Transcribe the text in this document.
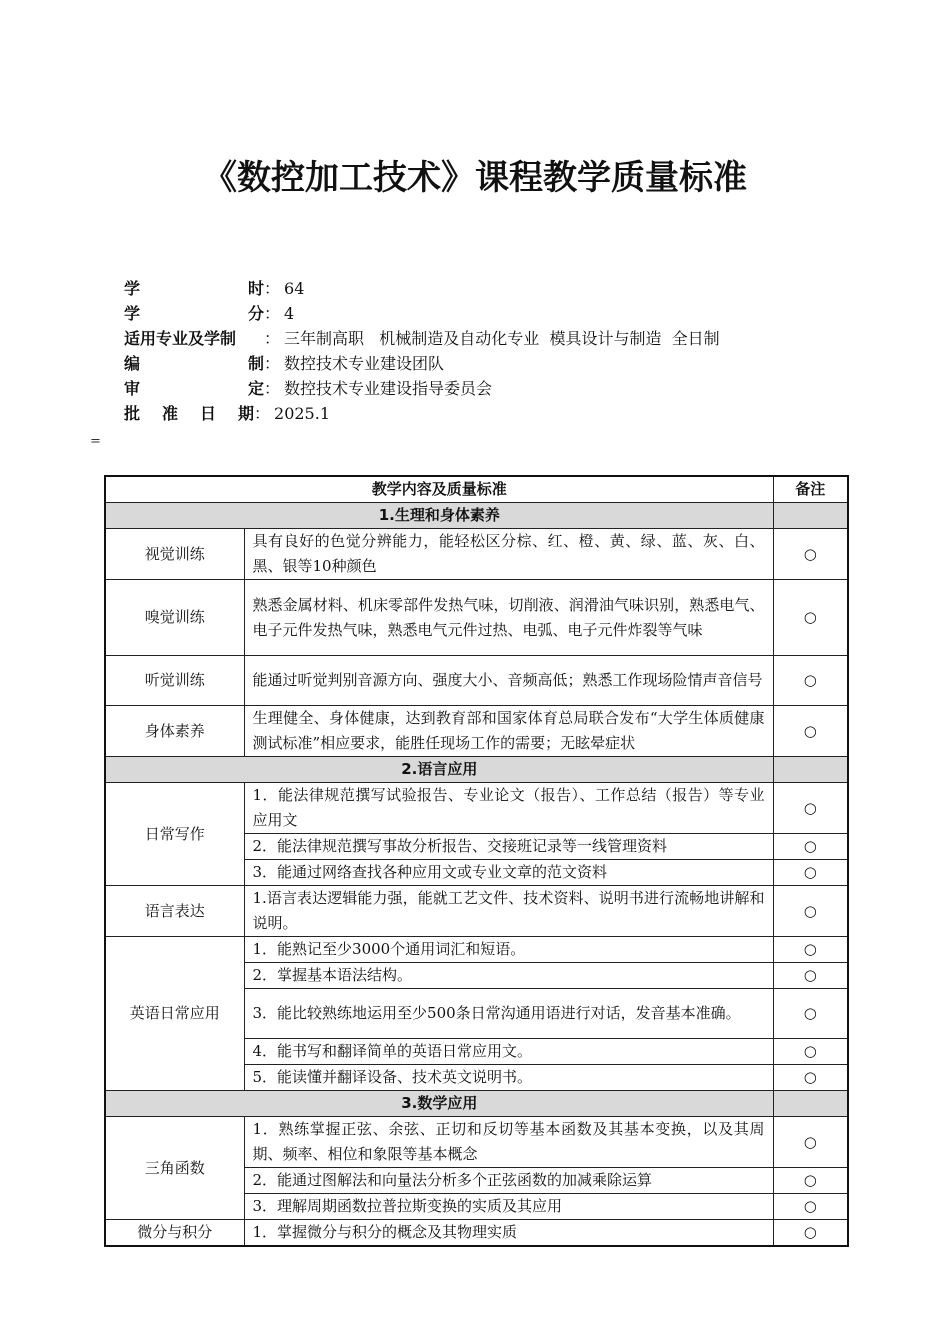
《数控加工技术》课程教学质量标准
学	时 ： 64
学	分 ： 4
适用专业及学制 ： 三年制高职   机械制造及自动化专业  模具设计与制造  全日制
编	制 ： 数控技术专业建设团队
审	定 ： 数控技术专业建设指导委员会
批 准 日 期 ： 2025.1
=
教学内容及质量标准		备注
1.生理和身体素养		
视觉训练	具有良好的色觉分辨能力，能轻松区分棕、红、橙、黄、绿、蓝、灰、白、黑、银等10种颜色	○
嗅觉训练	熟悉金属材料、机床零部件发热气味，切削液、润滑油气味识别，熟悉电气、电子元件发热气味，熟悉电气元件过热、电弧、电子元件炸裂等气味	○
听觉训练	能通过听觉判别音源方向、强度大小、音频高低；熟悉工作现场险情声音信号	○
身体素养	生理健全、身体健康，达到教育部和国家体育总局联合发布“大学生体质健康测试标准”相应要求，能胜任现场工作的需要；无眩晕症状	○
2.语言应用		
日常写作	1．能法律规范撰写试验报告、专业论文（报告）、工作总结（报告）等专业应用文	○
	2．能法律规范撰写事故分析报告、交接班记录等一线管理资料	○
	3．能通过网络查找各种应用文或专业文章的范文资料	○
语言表达	1.语言表达逻辑能力强，能就工艺文件、技术资料、说明书进行流畅地讲解和说明。	○
英语日常应用	1．能熟记至少3000个通用词汇和短语。	○
	2．掌握基本语法结构。	○
	3．能比较熟练地运用至少500条日常沟通用语进行对话，发音基本准确。	○
	4．能书写和翻译简单的英语日常应用文。	○
	5．能读懂并翻译设备、技术英文说明书。	○
3.数学应用		
三角函数	1．熟练掌握正弦、余弦、正切和反切等基本函数及其基本变换，以及其周期、频率、相位和象限等基本概念	○
	2．能通过图解法和向量法分析多个正弦函数的加减乘除运算	○
	3．理解周期函数拉普拉斯变换的实质及其应用	○
微分与积分	1．掌握微分与积分的概念及其物理实质	○
